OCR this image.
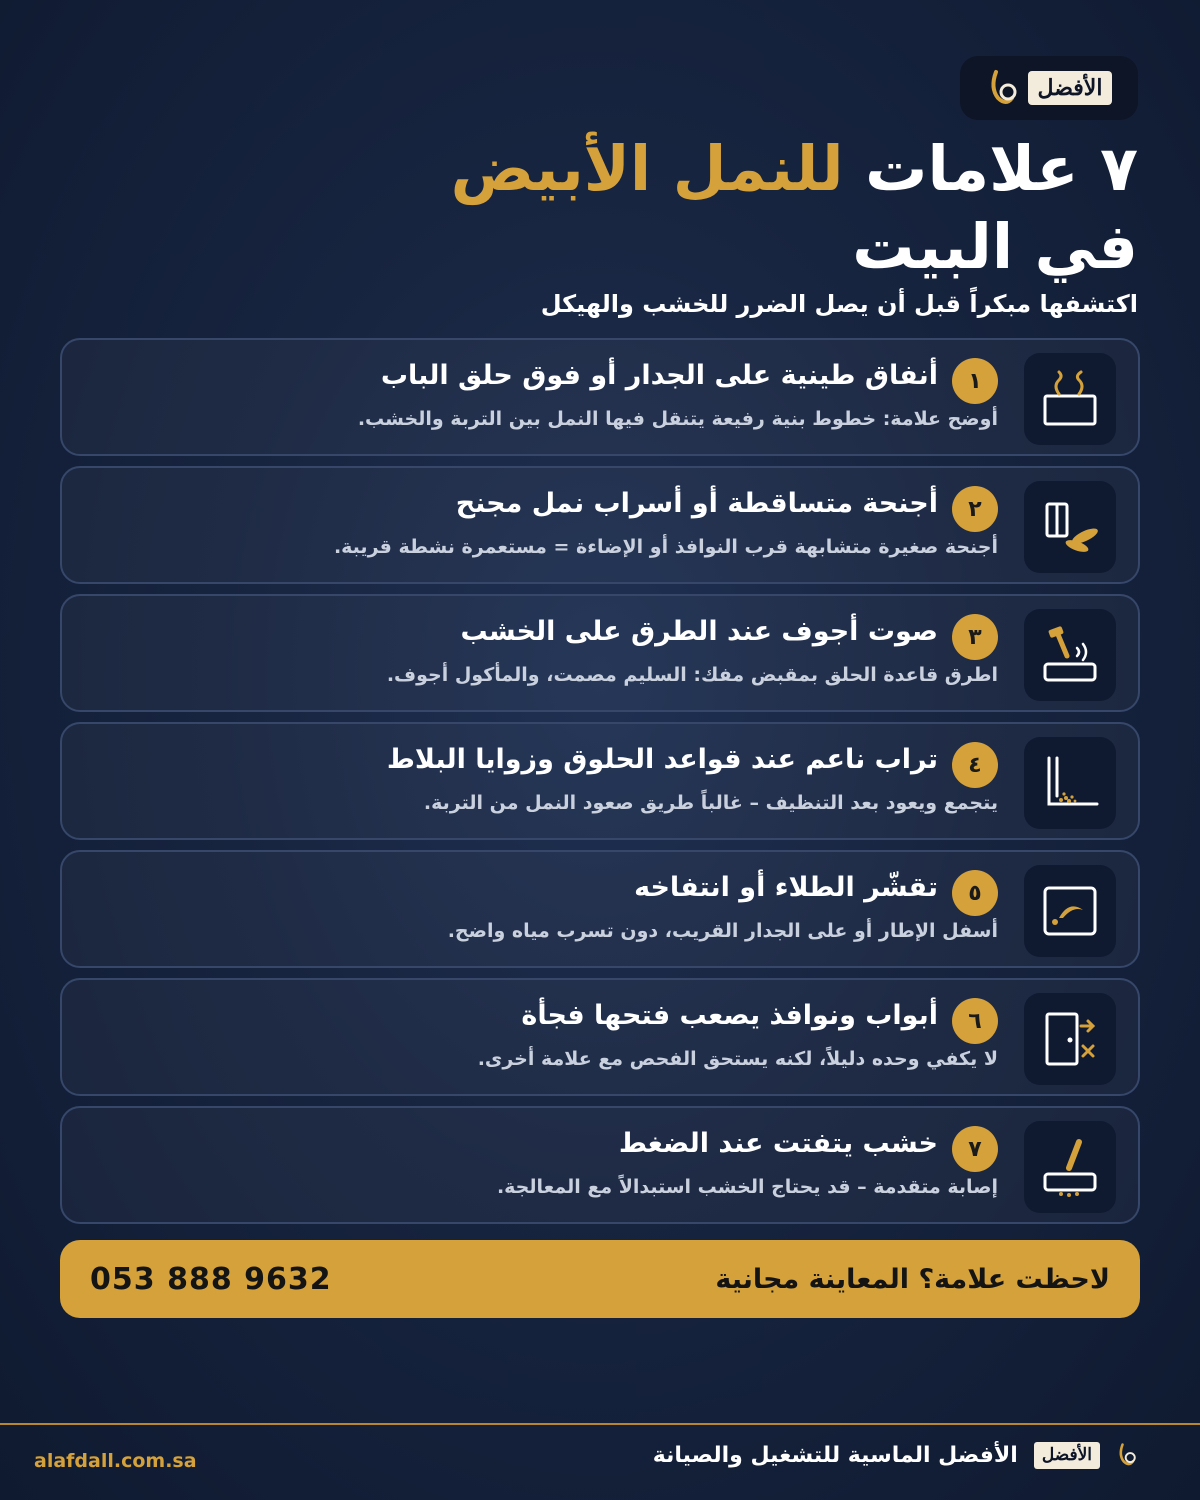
الأفضل
٧ علامات للنمل الأبيض
في البيت
اكتشفها مبكراً قبل أن يصل الضرر للخشب والهيكل
١
أنفاق طينية على الجدار أو فوق حلق الباب
أوضح علامة: خطوط بنية رفيعة يتنقل فيها النمل بين التربة والخشب.
٢
أجنحة متساقطة أو أسراب نمل مجنح
أجنحة صغيرة متشابهة قرب النوافذ أو الإضاءة = مستعمرة نشطة قريبة.
٣
صوت أجوف عند الطرق على الخشب
اطرق قاعدة الحلق بمقبض مفك: السليم مصمت، والمأكول أجوف.
٤
تراب ناعم عند قواعد الحلوق وزوايا البلاط
يتجمع ويعود بعد التنظيف – غالباً طريق صعود النمل من التربة.
٥
تقشّر الطلاء أو انتفاخه
أسفل الإطار أو على الجدار القريب، دون تسرب مياه واضح.
٦
أبواب ونوافذ يصعب فتحها فجأة
لا يكفي وحده دليلاً، لكنه يستحق الفحص مع علامة أخرى.
٧
خشب يتفتت عند الضغط
إصابة متقدمة – قد يحتاج الخشب استبدالاً مع المعالجة.
لاحظت علامة؟ المعاينة مجانية
053 888 9632
الأفضل
الأفضل الماسية للتشغيل والصيانة
alafdall.com.sa
